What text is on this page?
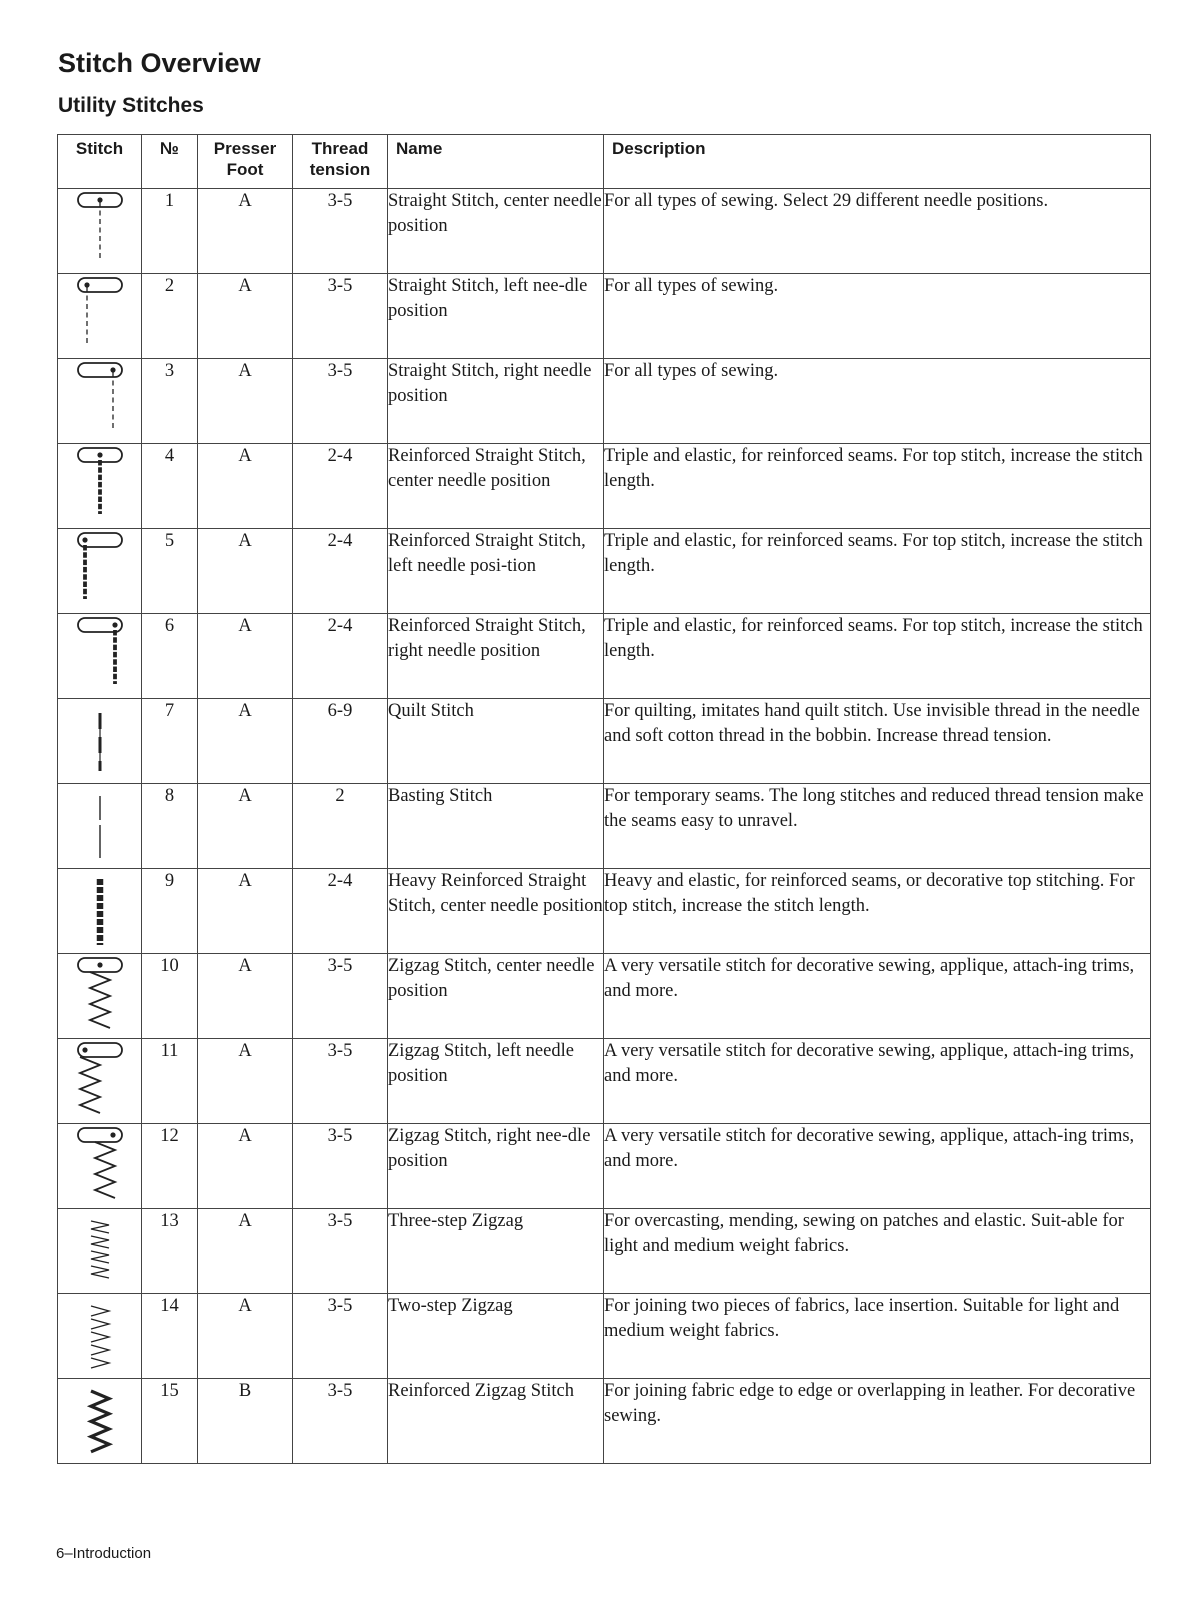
Stitch Overview
Utility Stitches
Stitch	№	Presser Foot	Thread tension	Name	Description

	1	A	3-5	Straight Stitch, center needle position	For all types of sewing. Select 29 different needle positions.

	2	A	3-5	Straight Stitch, left nee-dle position	For all types of sewing.

	3	A	3-5	Straight Stitch, right needle position	For all types of sewing.

	4	A	2-4	Reinforced Straight Stitch, center needle position	Triple and elastic, for reinforced seams. For top stitch, increase the stitch length.

	5	A	2-4	Reinforced Straight Stitch, left needle posi-tion	Triple and elastic, for reinforced seams. For top stitch, increase the stitch length.

	6	A	2-4	Reinforced Straight Stitch, right needle position	Triple and elastic, for reinforced seams. For top stitch, increase the stitch length.

	7	A	6-9	Quilt Stitch	For quilting, imitates hand quilt stitch. Use invisible thread in the needle and soft cotton thread in the bobbin. Increase thread tension.

	8	A	2	Basting Stitch	For temporary seams. The long stitches and reduced thread tension make the seams easy to unravel.

	9	A	2-4	Heavy Reinforced Straight Stitch, center needle position	Heavy and elastic, for reinforced seams, or decorative top stitching. For top stitch, increase the stitch length.

	10	A	3-5	Zigzag Stitch, center needle position	A very versatile stitch for decorative sewing, applique, attach-ing trims, and more.

	11	A	3-5	Zigzag Stitch, left needle position	A very versatile stitch for decorative sewing, applique, attach-ing trims, and more.

	12	A	3-5	Zigzag Stitch, right nee-dle position	A very versatile stitch for decorative sewing, applique, attach-ing trims, and more.

	13	A	3-5	Three-step Zigzag	For overcasting, mending, sewing on patches and elastic. Suit-able for light and medium weight fabrics.

	14	A	3-5	Two-step Zigzag	For joining two pieces of fabrics, lace insertion. Suitable for light and medium weight fabrics.

	15	B	3-5	Reinforced Zigzag Stitch	For joining fabric edge to edge or overlapping in leather. For decorative sewing.

6–Introduction
